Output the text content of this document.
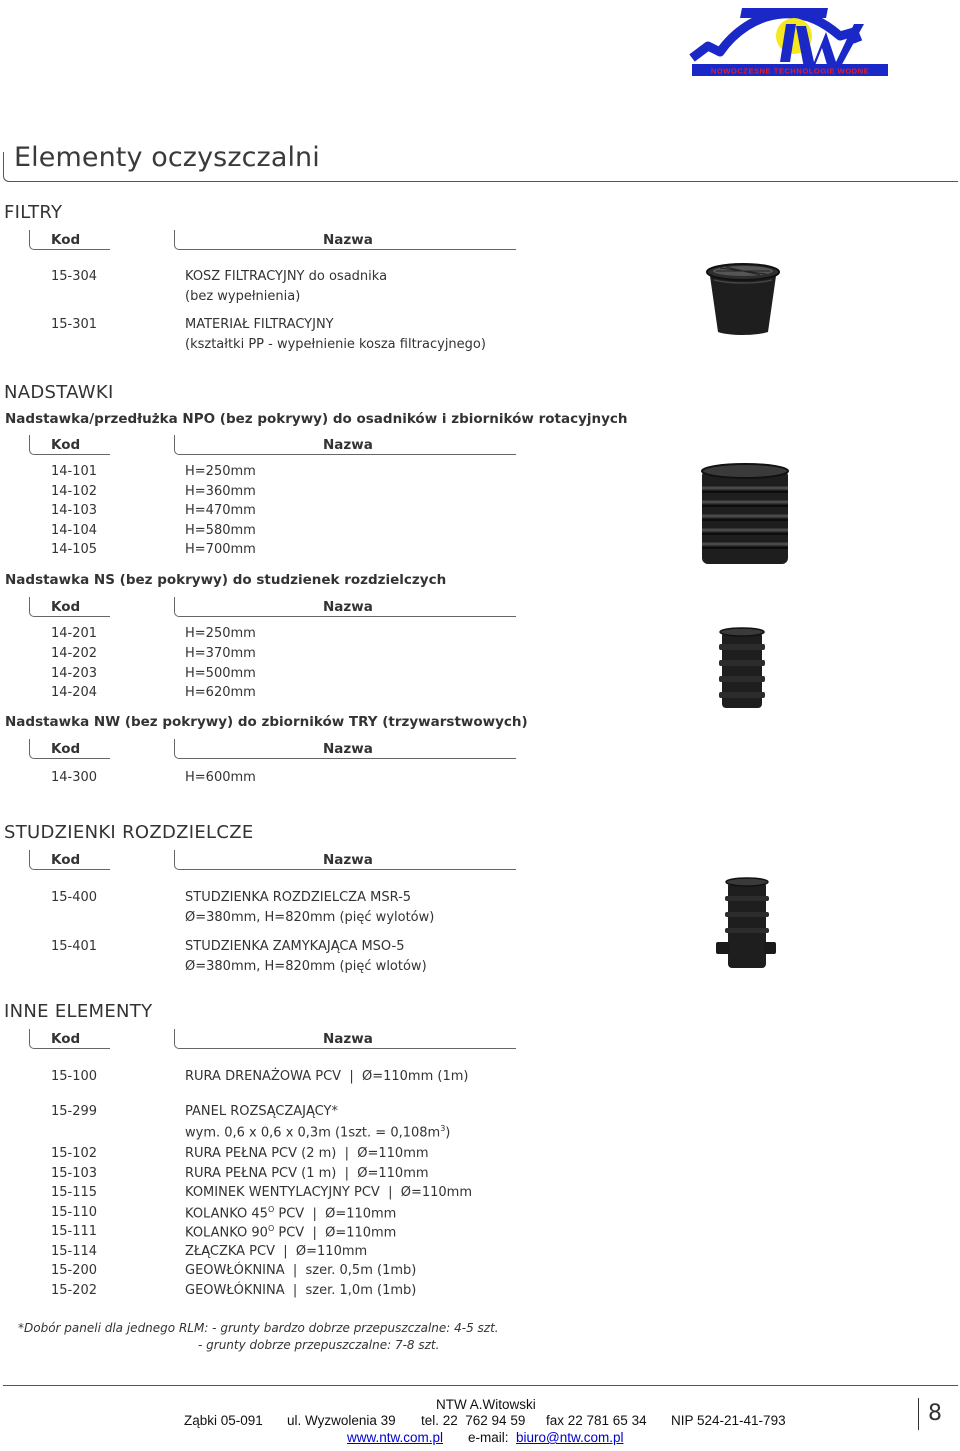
NOWOCZESNE TECHNOLOGIE WODNE
Elementy oczyszczalni
FILTRY
Kod	Nazwa
15-304	KOSZ FILTRACYJNY do osadnika
(bez wypełnienia)
15-301	MATERIAŁ FILTRACYJNY
(kształtki PP - wypełnienie kosza filtracyjnego)
NADSTAWKI
Nadstawka/przedłużka NPO (bez pokrywy) do osadników i zbiorników rotacyjnych
Kod	Nazwa
14-101	H=250mm
14-102	H=360mm
14-103	H=470mm
14-104	H=580mm
14-105	H=700mm
Nadstawka NS (bez pokrywy) do studzienek rozdzielczych
Kod	Nazwa
14-201	H=250mm
14-202	H=370mm
14-203	H=500mm
14-204	H=620mm
Nadstawka NW (bez pokrywy) do zbiorników TRY (trzywarstwowych)
Kod	Nazwa
14-300	H=600mm
STUDZIENKI ROZDZIELCZE
Kod	Nazwa
15-400	STUDZIENKA ROZDZIELCZA MSR-5
Ø=380mm, H=820mm (pięć wylotów)
15-401	STUDZIENKA ZAMYKAJĄCA MSO-5
Ø=380mm, H=820mm (pięć wlotów)
INNE ELEMENTY
Kod	Nazwa
15-100	RURA DRENAŻOWA PCV  |  Ø=110mm (1m)
15-299	PANEL ROZSĄCZAJĄCY*
wym. 0,6 x 0,6 x 0,3m (1szt. = $0,108m^3$)
15-102	RURA PEŁNA PCV (2 m)  |  Ø=110mm
15-103	RURA PEŁNA PCV (1 m)  |  Ø=110mm
15-115	KOMINEK WENTYLACYJNY PCV  |  Ø=110mm
15-110	KOLANKO $45^O$ PCV  |  Ø=110mm
15-111	KOLANKO $90^O$ PCV  |  Ø=110mm
15-114	ZŁĄCZKA PCV  |  Ø=110mm
15-200	GEOWŁÓKNINA  |  szer. 0,5m (1mb)
15-202	GEOWŁÓKNINA  |  szer. 1,0m (1mb)
*Dobór paneli dla jednego RLM: - grunty bardzo dobrze przepuszczalne: 4-5 szt.
- grunty dobrze przepuszczalne: 7-8 szt.
NTW A.Witowski
Ząbki 05-091 ul. Wyzwolenia 39 tel. 22  762 94 59 fax 22 781 65 34 NIP 524-21-41-793
www.ntw.com.pl e-mail: biuro@ntw.com.pl
8
